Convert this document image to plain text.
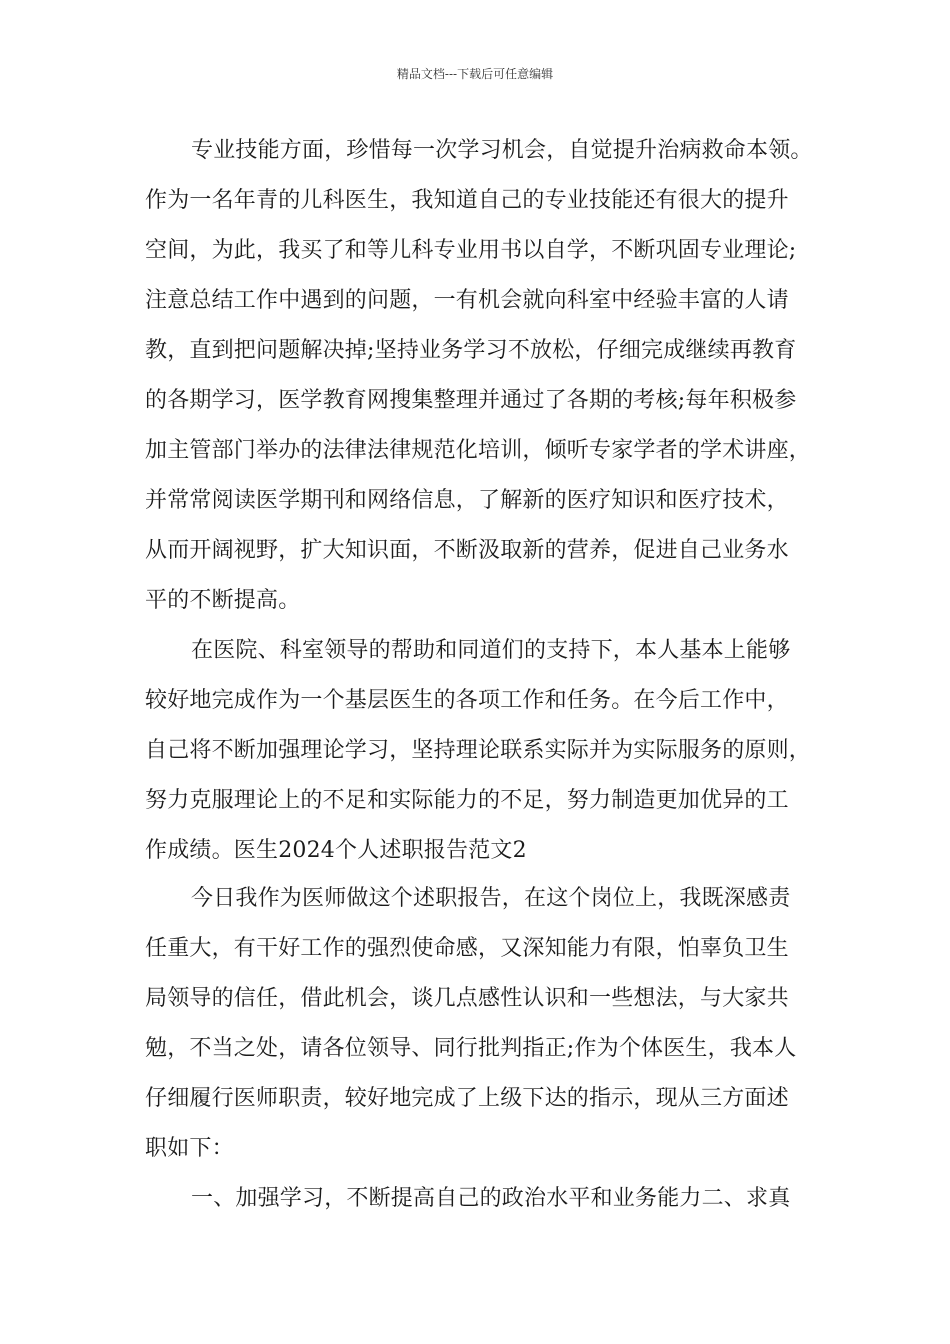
精品文档---下载后可任意编辑
专业技能方面，珍惜每一次学习机会，自觉提升治病救命本领。
作为一名年青的儿科医生，我知道自己的专业技能还有很大的提升
空间，为此，我买了和等儿科专业用书以自学，不断巩固专业理论;
注意总结工作中遇到的问题，一有机会就向科室中经验丰富的人请
教，直到把问题解决掉;坚持业务学习不放松，仔细完成继续再教育
的各期学习，医学教育网搜集整理并通过了各期的考核;每年积极参
加主管部门举办的法律法律规范化培训，倾听专家学者的学术讲座，
并常常阅读医学期刊和网络信息，了解新的医疗知识和医疗技术，
从而开阔视野，扩大知识面，不断汲取新的营养，促进自己业务水
平的不断提高。
在医院、科室领导的帮助和同道们的支持下，本人基本上能够
较好地完成作为一个基层医生的各项工作和任务。在今后工作中，
自己将不断加强理论学习，坚持理论联系实际并为实际服务的原则，
努力克服理论上的不足和实际能力的不足，努力制造更加优异的工
作成绩。医生2024个人述职报告范文2
今日我作为医师做这个述职报告，在这个岗位上，我既深感责
任重大，有干好工作的强烈使命感，又深知能力有限，怕辜负卫生
局领导的信任，借此机会，谈几点感性认识和一些想法，与大家共
勉，不当之处，请各位领导、同行批判指正;作为个体医生，我本人
仔细履行医师职责，较好地完成了上级下达的指示，现从三方面述
职如下：
一、加强学习，不断提高自己的政治水平和业务能力二、求真
